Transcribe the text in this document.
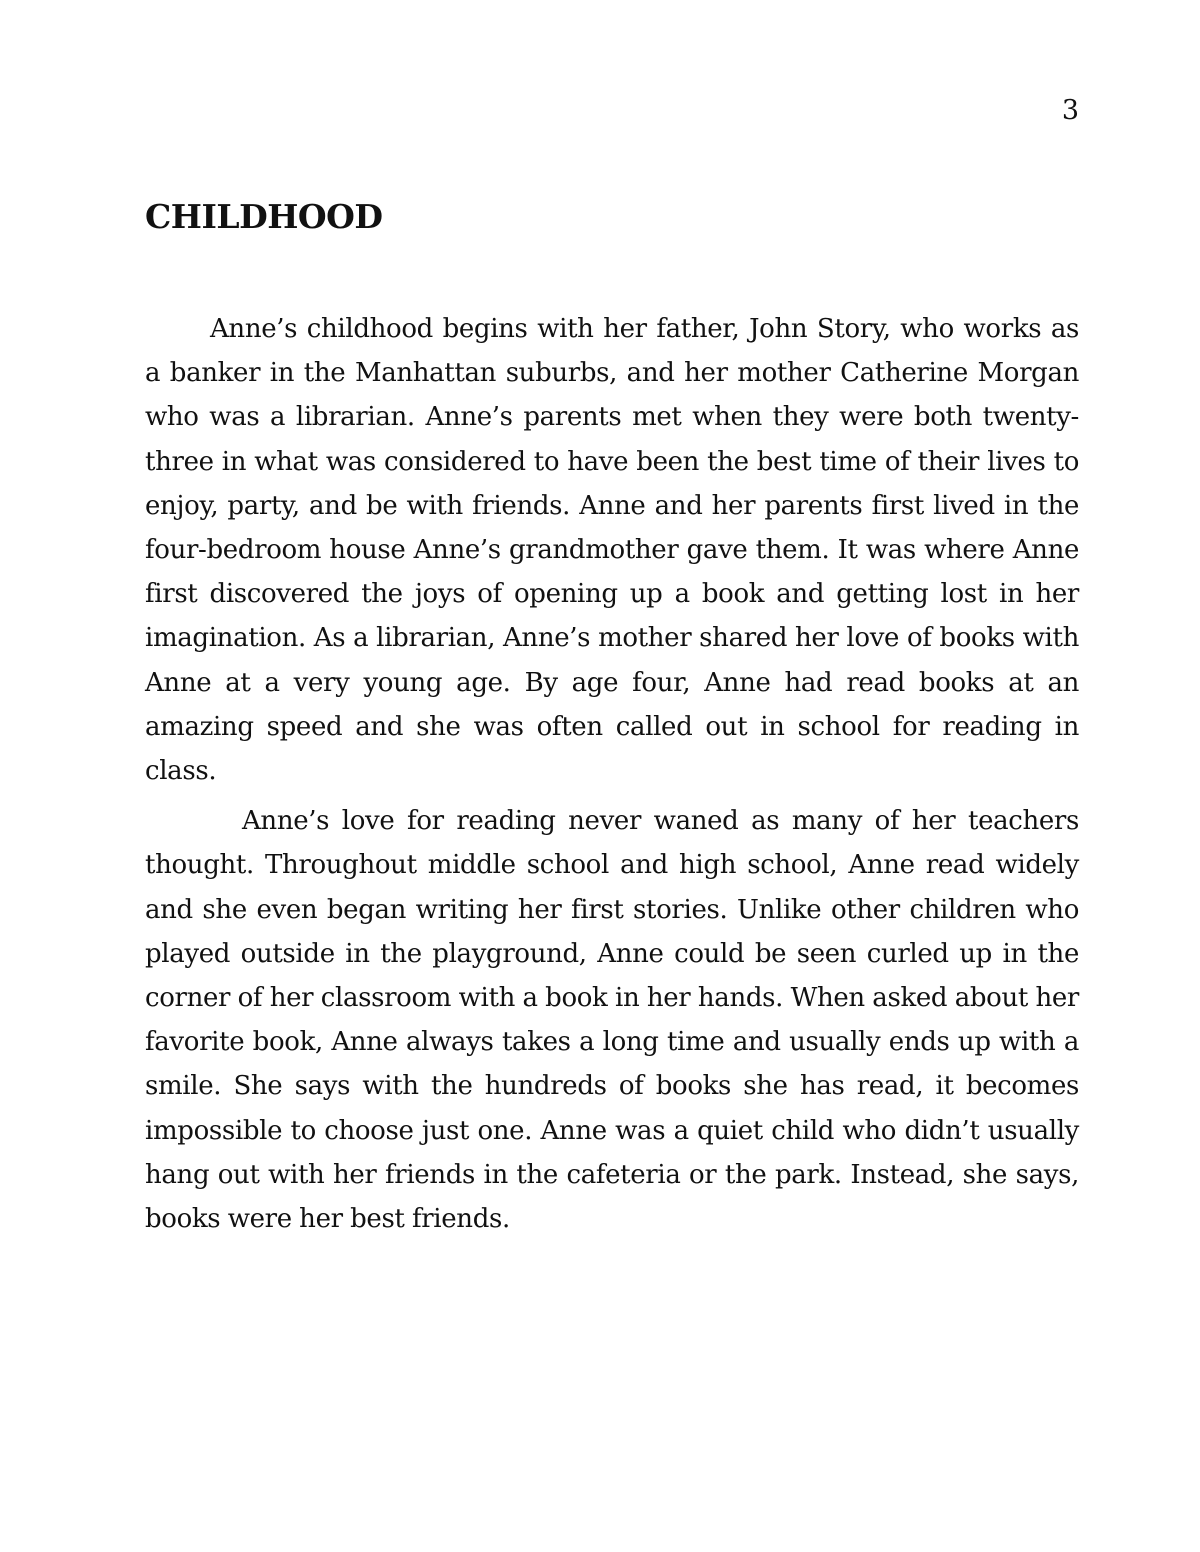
3
CHILDHOOD

Anne’s childhood begins with her father, John Story, who works as a banker in the Manhattan suburbs, and her mother Catherine Morgan who was a librarian. Anne’s parents met when they were both twenty-three in what was considered to have been the best time of their lives to enjoy, party, and be with friends. Anne and her parents first lived in the four-bedroom house Anne’s grandmother gave them. It was where Anne first discovered the joys of opening up a book and getting lost in her imagination. As a librarian, Anne’s mother shared her love of books with Anne at a very young age. By age four, Anne had read books at an amazing speed and she was often called out in school for reading in class.

Anne’s love for reading never waned as many of her teachers thought. Throughout middle school and high school, Anne read widely and she even began writing her first stories. Unlike other children who played outside in the playground, Anne could be seen curled up in the corner of her classroom with a book in her hands. When asked about her favorite book, Anne always takes a long time and usually ends up with a smile. She says with the hundreds of books she has read, it becomes impossible to choose just one. Anne was a quiet child who didn’t usually hang out with her friends in the cafeteria or the park. Instead, she says, books were her best friends.
